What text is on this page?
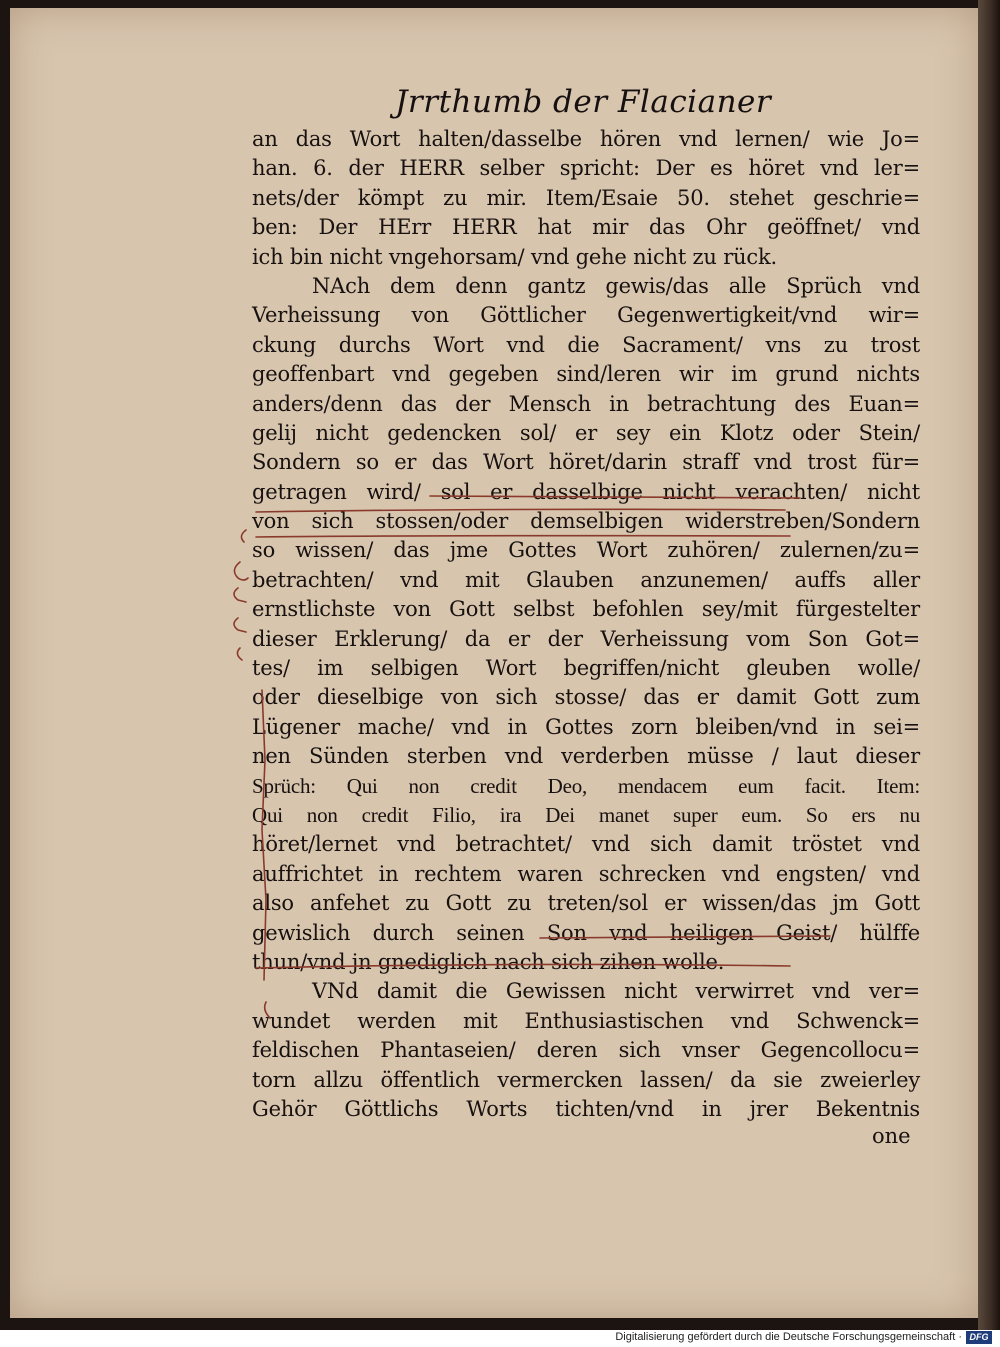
Jrrthumb der Flacianer
an das Wort halten/dasselbe hören vnd lernen/ wie Jo=
han. 6. der HERR selber spricht: Der es höret vnd ler=
nets/der kömpt zu mir. Item/Esaie 50. stehet geschrie=
ben: Der HErr HERR hat mir das Ohr geöffnet/ vnd
ich bin nicht vngehorsam/ vnd gehe nicht zu rück.
NAch dem denn gantz gewis/das alle Sprüch vnd
Verheissung von Göttlicher Gegenwertigkeit/vnd wir=
ckung durchs Wort vnd die Sacrament/ vns zu trost
geoffenbart vnd gegeben sind/leren wir im grund nichts
anders/denn das der Mensch in betrachtung des Euan=
gelij nicht gedencken sol/ er sey ein Klotz oder Stein/
Sondern so er das Wort höret/darin straff vnd trost für=
getragen wird/ sol er dasselbige nicht verachten/ nicht
von sich stossen/oder demselbigen widerstreben/Sondern
so wissen/ das jme Gottes Wort zuhören/ zulernen/zu=
betrachten/ vnd mit Glauben anzunemen/ auffs aller
ernstlichste von Gott selbst befohlen sey/mit fürgestelter
dieser Erklerung/ da er der Verheissung vom Son Got=
tes/ im selbigen Wort begriffen/nicht gleuben wolle/
oder dieselbige von sich stosse/ das er damit Gott zum
Lügener mache/ vnd in Gottes zorn bleiben/vnd in sei=
nen Sünden sterben vnd verderben müsse / laut dieser
Sprüch: Qui non credit Deo, mendacem eum facit. Item:
Qui non credit Filio, ira Dei manet super eum. So ers nu
höret/lernet vnd betrachtet/ vnd sich damit tröstet vnd
auffrichtet in rechtem waren schrecken vnd engsten/ vnd
also anfehet zu Gott zu treten/sol er wissen/das jm Gott
gewislich durch seinen Son vnd heiligen Geist/ hülffe
thun/vnd jn gnediglich nach sich zihen wolle.
VNd damit die Gewissen nicht verwirret vnd ver=
wundet werden mit Enthusiastischen vnd Schwenck=
feldischen Phantaseien/ deren sich vnser Gegencollocu=
torn allzu öffentlich vermercken lassen/ da sie zweierley
Gehör Göttlichs Worts tichten/vnd in jrer Bekentnis
one
Digitalisierung gefördert durch die Deutsche Forschungsgemeinschaft · DFG
